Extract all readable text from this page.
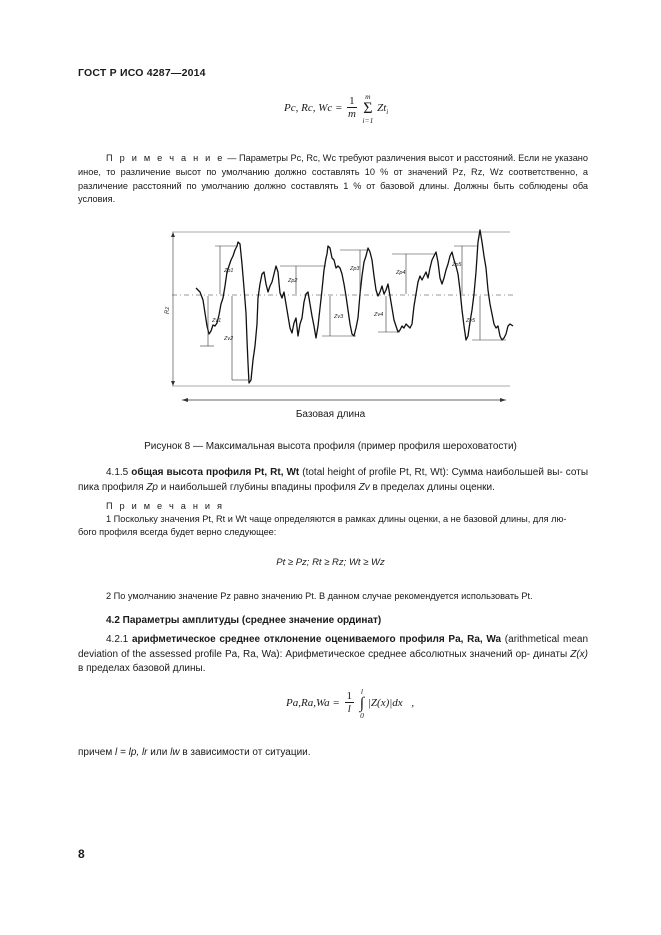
ГОСТ Р ИСО 4287—2014
Pc, Rc, $Wc = \frac{1}{m}$
	m
Σ
i=1
$Zt_i$
П р и м е ч а н и е — Параметры Pc, Rc, Wc требуют различения высот и расстояний. Если не указано иное, то различение высот по умолчанию должно составлять 10 % от значений Pz, Rz, Wz соответственно, а различение расстояний по умолчанию должно составлять 1 % от базовой длины. Должны быть соблюдены оба условия.
Rz
Zp1
Zp2
Zp3
Zp4
Zp5
Zv1
Zv2
Zv3	Zv4
Zv5
Базовая длина
Рисунок 8 — Максимальная высота профиля (пример профиля шероховатости)
4.1.5 общая высота профиля Pt, Rt, Wt (total height of profile Pt, Rt, Wt): Сумма наибольшей вы- соты пика профиля Zp и наибольшей глубины впадины профиля Zv в пределах длины оценки.
П р и м е ч а н и я
1 Поскольку значения Pt, Rt и Wt чаще определяются в рамках длины оценки, а не базовой длины, для лю-
бого профиля всегда будет верно следующее:
Pt ≥ Pz; Rt ≥ Rz; Wt ≥ Wz
2 По умолчанию значение Pz равно значению Pt. В данном случае рекомендуется использовать Pt.
4.2 Параметры амплитуды (среднее значение ординат)
4.2.1 арифметическое среднее отклонение оцениваемого профиля Pa, Ra, Wa (arithmetical mean deviation of the assessed profile Pa, Ra, Wa): Арифметическое среднее абсолютных значений ор- динаты Z(x) в пределах базовой длины.
$Pa,Ra,Wa = \frac{1}{l}$
l
∫
0
|Z(x)|dx ,
причем l = lp, lr или lw в зависимости от ситуации.
8
